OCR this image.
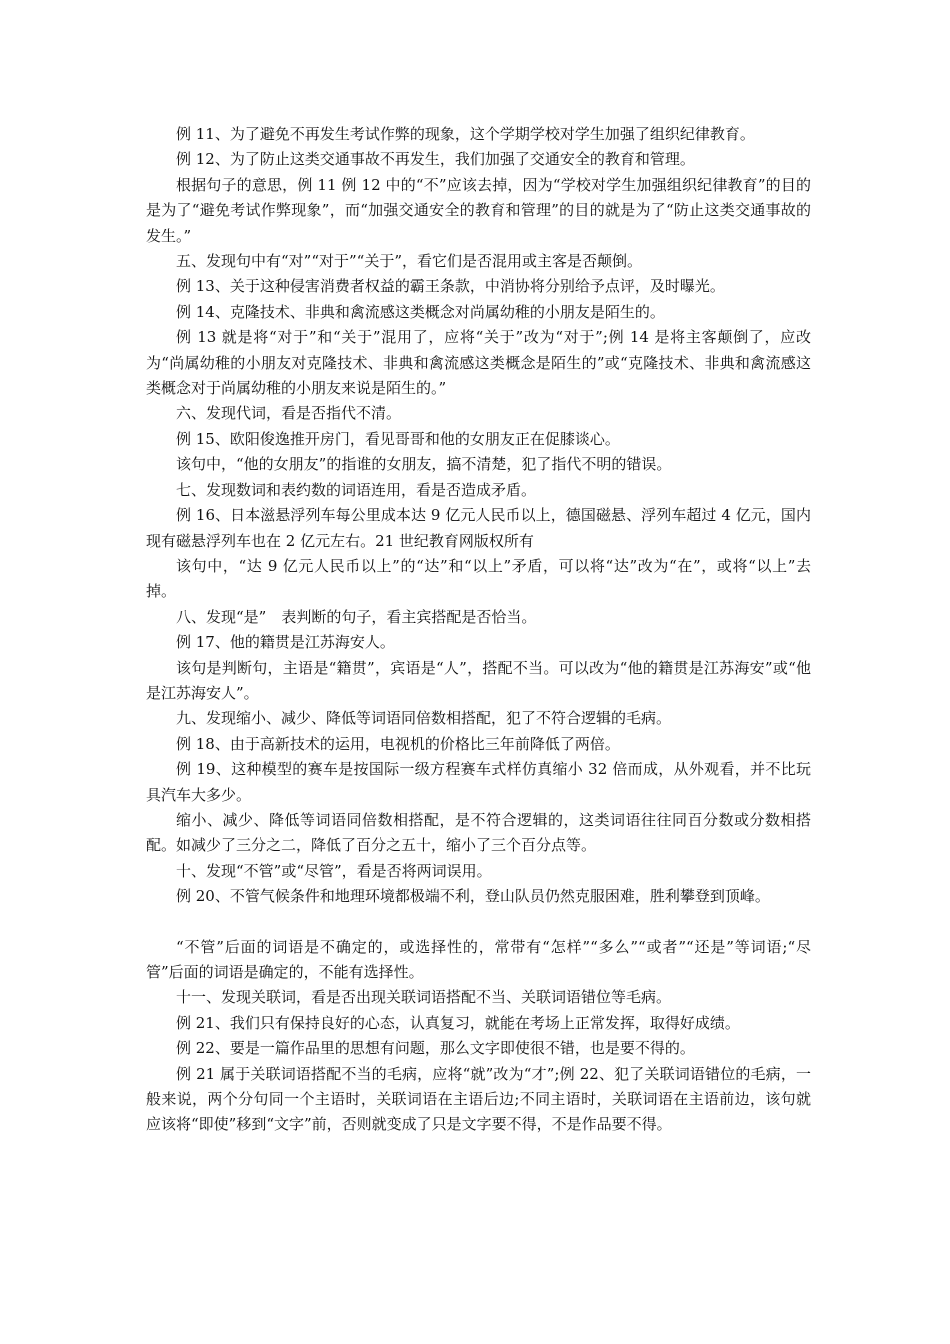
例 11、为了避免不再发生考试作弊的现象，这个学期学校对学生加强了组织纪律教育。

例 12、为了防止这类交通事故不再发生，我们加强了交通安全的教育和管理。

根据句子的意思，例 11 例 12 中的“不”应该去掉，因为“学校对学生加强组织纪律教育”的目的是为了“避免考试作弊现象”，而“加强交通安全的教育和管理”的目的就是为了“防止这类交通事故的发生。”

五、发现句中有“对”“对于”“关于”，看它们是否混用或主客是否颠倒。

例 13、关于这种侵害消费者权益的霸王条款，中消协将分别给予点评，及时曝光。

例 14、克隆技术、非典和禽流感这类概念对尚属幼稚的小朋友是陌生的。

例 13 就是将“对于”和“关于”混用了，应将“关于”改为“对于”;例 14 是将主客颠倒了，应改为“尚属幼稚的小朋友对克隆技术、非典和禽流感这类概念是陌生的”或“克隆技术、非典和禽流感这类概念对于尚属幼稚的小朋友来说是陌生的。”

六、发现代词，看是否指代不清。

例 15、欧阳俊逸推开房门，看见哥哥和他的女朋友正在促膝谈心。

该句中，“他的女朋友”的指谁的女朋友，搞不清楚，犯了指代不明的错误。

七、发现数词和表约数的词语连用，看是否造成矛盾。

例 16、日本滋悬浮列车每公里成本达 9 亿元人民币以上，德国磁悬、浮列车超过 4 亿元，国内现有磁悬浮列车也在 2 亿元左右。21 世纪教育网版权所有

该句中，“达 9 亿元人民币以上”的“达”和“以上”矛盾，可以将“达”改为“在”，或将“以上”去掉。

八、发现“是”　表判断的句子，看主宾搭配是否恰当。

例 17、他的籍贯是江苏海安人。

该句是判断句，主语是“籍贯”，宾语是“人”，搭配不当。可以改为“他的籍贯是江苏海安”或“他是江苏海安人”。

九、发现缩小、减少、降低等词语同倍数相搭配，犯了不符合逻辑的毛病。

例 18、由于高新技术的运用，电视机的价格比三年前降低了两倍。

例 19、这种模型的赛车是按国际一级方程赛车式样仿真缩小 32 倍而成，从外观看，并不比玩具汽车大多少。

缩小、减少、降低等词语同倍数相搭配，是不符合逻辑的，这类词语往往同百分数或分数相搭配。如减少了三分之二，降低了百分之五十，缩小了三个百分点等。

十、发现“不管”或“尽管”，看是否将两词误用。

例 20、不管气候条件和地理环境都极端不利，登山队员仍然克服困难，胜利攀登到顶峰。

“不管”后面的词语是不确定的，或选择性的，常带有“怎样”“多么”“或者”“还是”等词语;“尽管”后面的词语是确定的，不能有选择性。

十一、发现关联词，看是否出现关联词语搭配不当、关联词语错位等毛病。

例 21、我们只有保持良好的心态，认真复习，就能在考场上正常发挥，取得好成绩。

例 22、要是一篇作品里的思想有问题，那么文字即使很不错，也是要不得的。

例 21 属于关联词语搭配不当的毛病，应将“就”改为“才”;例 22、犯了关联词语错位的毛病，一般来说，两个分句同一个主语时，关联词语在主语后边;不同主语时，关联词语在主语前边，该句就应该将“即使”移到“文字”前，否则就变成了只是文字要不得，不是作品要不得。
